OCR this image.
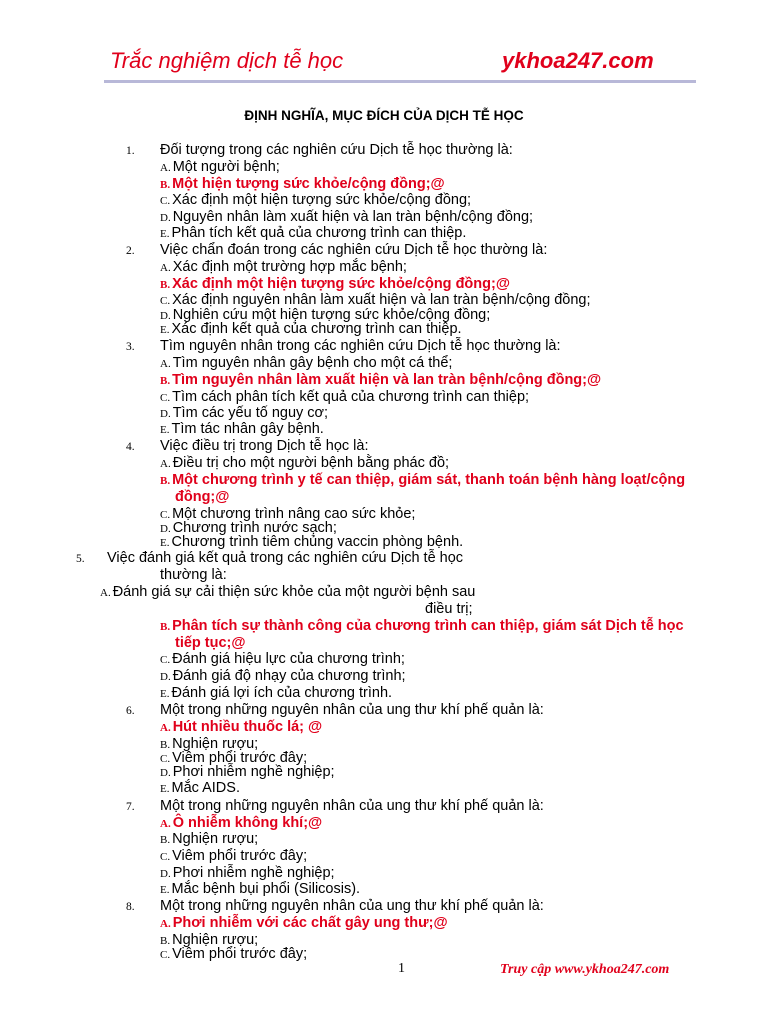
Trắc nghiệm dịch tễ học	ykhoa247.com
ĐỊNH NGHĨA, MỤC ĐÍCH CỦA DỊCH TỄ HỌC
1. Đối tượng trong các nghiên cứu Dịch tễ học thường là:
A. Một người bệnh;
B. Một hiện tượng sức khỏe/cộng đồng;@
C. Xác định một hiện tượng sức khỏe/cộng đồng;
D. Nguyên nhân làm xuất hiện và lan tràn bệnh/cộng đồng;
E. Phân tích kết quả của chương trình can thiệp.
2. Việc chẩn đoán trong các nghiên cứu Dịch tễ học thường là:
A. Xác định một trường hợp mắc bệnh;
B. Xác định một hiện tượng sức khỏe/cộng đồng;@
C. Xác định nguyên nhân làm xuất hiện và lan tràn bệnh/cộng đồng;
D. Nghiên cứu một hiện tượng sức khỏe/cộng đồng;
E. Xác định kết quả của chương trình can thiệp.
3. Tìm nguyên nhân trong các nghiên cứu Dịch tễ học thường là:
A. Tìm nguyên nhân gây bệnh cho một cá thể;
B. Tìm nguyên nhân làm xuất hiện và lan tràn bệnh/cộng đồng;@
C. Tìm cách phân tích kết quả của chương trình can thiệp;
D. Tìm các yếu tố nguy cơ;
E. Tìm tác nhân gây bệnh.
4. Việc điều trị trong Dịch tễ học là:
A. Điều trị cho một người bệnh bằng phác đồ;
B. Một chương trình y tế can thiệp, giám sát, thanh toán bệnh hàng loạt/cộng
đồng;@
C. Một chương trình nâng cao sức khỏe;
D. Chương trình nước sạch;
E. Chương trình tiêm chủng vaccin phòng bệnh.
5. Việc đánh giá kết quả trong các nghiên cứu Dịch tễ học
thường là:
A. Đánh giá sự cải thiện sức khỏe của một người bệnh sau
điều trị;
B. Phân tích sự thành công của chương trình can thiệp, giám sát Dịch tễ học
tiếp tục;@
C. Đánh giá hiệu lực của chương trình;
D. Đánh giá độ nhạy của chương trình;
E. Đánh giá lợi ích của chương trình.
6. Một trong những nguyên nhân của ung thư khí phế quản là:
A. Hút nhiều thuốc lá; @
B. Nghiện rượu;
C. Viêm phổi trước đây;
D. Phơi nhiễm nghề nghiệp;
E. Mắc AIDS.
7. Một trong những nguyên nhân của ung thư khí phế quản là:
A. Ô nhiễm không khí;@
B. Nghiện rượu;
C. Viêm phổi trước đây;
D. Phơi nhiễm nghề nghiệp;
E. Mắc bệnh bụi phổi (Silicosis).
8. Một trong những nguyên nhân của ung thư khí phế quản là:
A. Phơi nhiễm với các chất gây ung thư;@
B. Nghiện rượu;
C. Viêm phổi trước đây;
1	Truy cập www.ykhoa247.com
